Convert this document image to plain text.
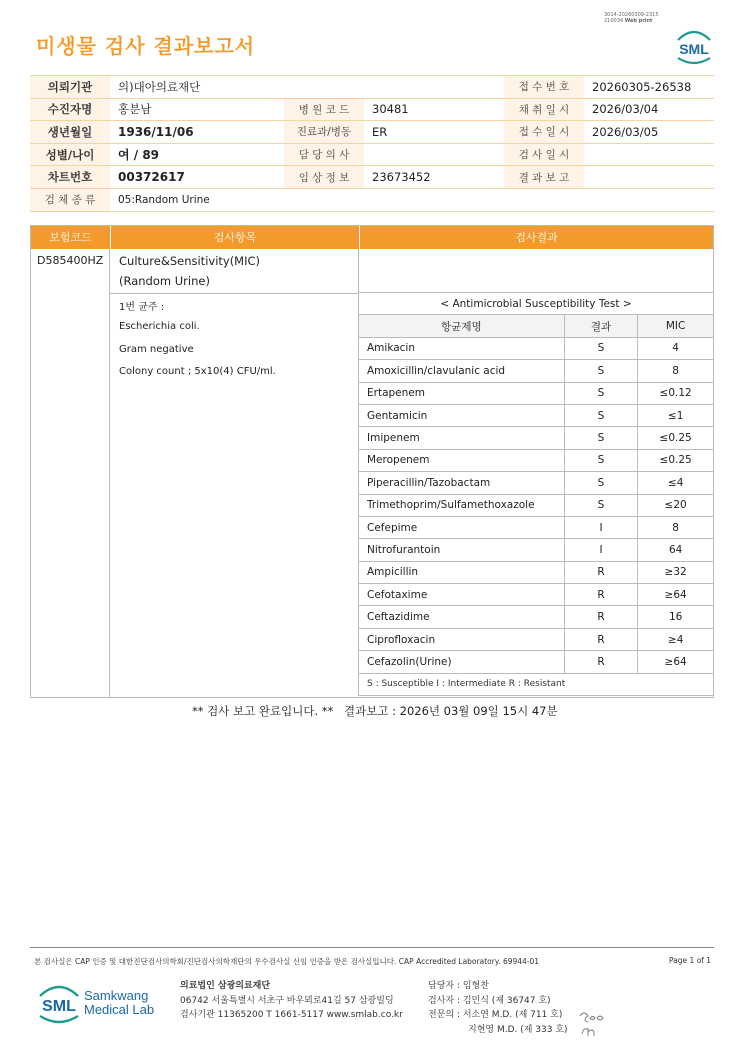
미생물 검사 결과보고서
3014-20260309-2315
210034 Web print
SML
의뢰기관	의)대아의료재단			접 수 번 호	20260305-26538
수진자명	홍분남	병 원 코 드	30481	채 취 일 시	2026/03/04
생년월일	1936/11/06	진료과/병동	ER	접 수 일 시	2026/03/05
성별/나이	여 / 89	담 당 의 사		검 사 일 시	
차트번호	00372617	임 상 정 보	23673452	결 과 보 고	
검 체 종 류	05:Random Urine				
보험코드	검사항목	검사결과
D585400HZ Culture&Sensitivity(MIC)
(Random Urine)
1번 균주 :
Escherichia coli.
Gram negative
Colony count ; 5x10(4) CFU/ml.
< Antimicrobial Susceptibility Test >		
항균제명	결과	MIC
Amikacin	S	4
Amoxicillin/clavulanic acid	S	8
Ertapenem	S	≤0.12
Gentamicin	S	≤1
Imipenem	S	≤0.25
Meropenem	S	≤0.25
Piperacillin/Tazobactam	S	≤4
Trimethoprim/Sulfamethoxazole	S	≤20
Cefepime	I	8
Nitrofurantoin	I	64
Ampicillin	R	≥32
Cefotaxime	R	≥64
Ceftazidime	R	16
Ciprofloxacin	R	≥4
Cefazolin(Urine)	R	≥64
S : Susceptible I : Intermediate R : Resistant		
** 검사 보고 완료입니다. ** 결과보고 : 2026년 03월 09일 15시 47분
본 검사실은 CAP 인증 및 대한진단검사의학회/진단검사의학재단의 우수검사실 신임 인증을 받은 검사실입니다. CAP Accredited Laboratory. 69944-01	Page 1 of 1
SML
Samkwang
Medical Lab
의료법인 삼광의료재단
06742 서울특별시 서초구 바우뫼로41길 57 삼광빌딩
검사기관 11365200 T 1661-5117 www.smlab.co.kr
담당자 : 임형찬
검사자 : 김민식 (제 36747 호)
전문의 : 서소연 M.D. (제 711 호)
지현영 M.D. (제 333 호)
